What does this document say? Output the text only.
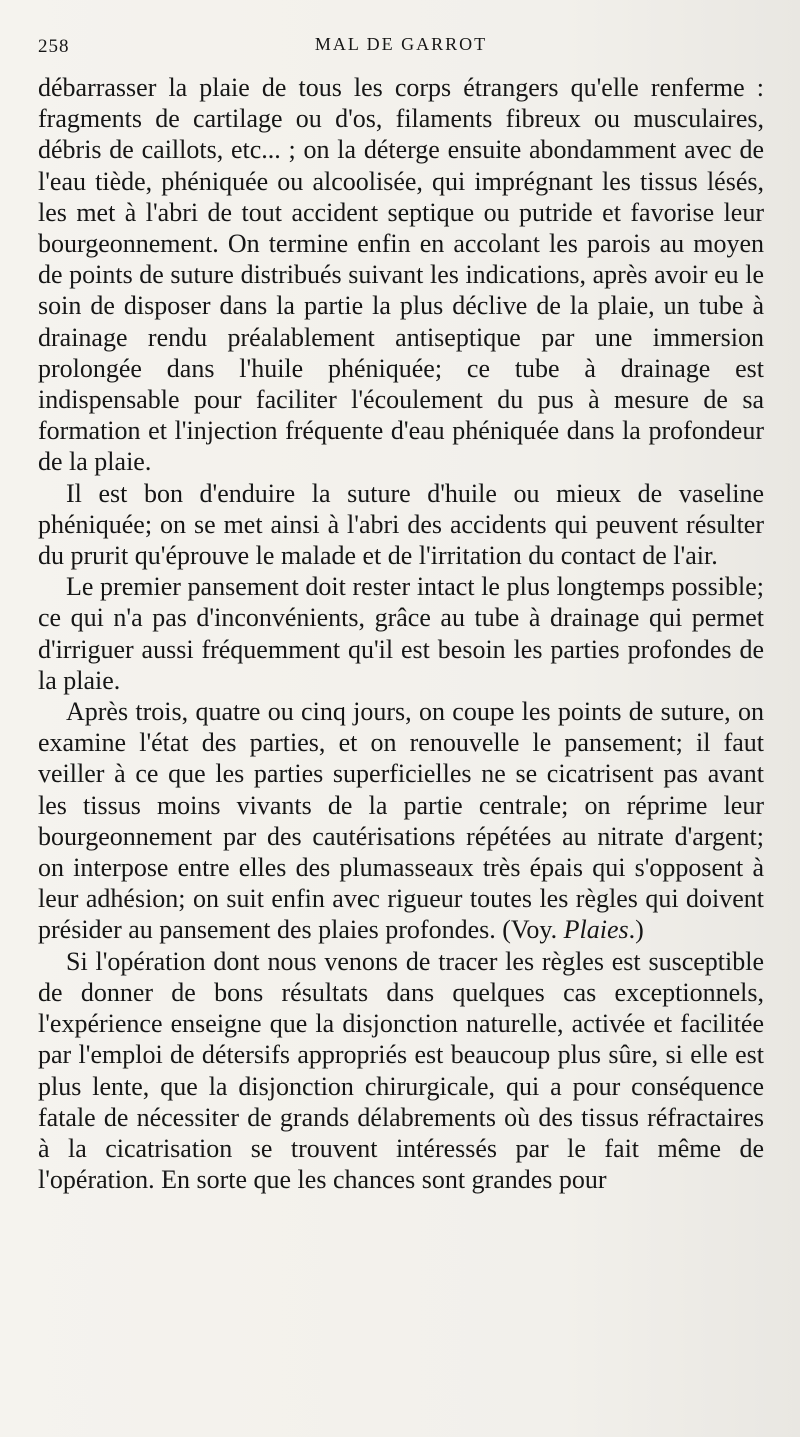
258	MAL DE GARROT

débarrasser la plaie de tous les corps étrangers qu'elle renferme : fragments de cartilage ou d'os, filaments fibreux ou musculaires, débris de caillots, etc... ; on la déterge ensuite abondamment avec de l'eau tiède, phéniquée ou alcoolisée, qui imprégnant les tissus lésés, les met à l'abri de tout accident septique ou putride et favorise leur bourgeonnement. On termine enfin en accolant les parois au moyen de points de suture distribués suivant les indications, après avoir eu le soin de disposer dans la partie la plus déclive de la plaie, un tube à drainage rendu préalablement antiseptique par une immersion prolongée dans l'huile phéniquée; ce tube à drainage est indispensable pour faciliter l'écoulement du pus à mesure de sa formation et l'injection fréquente d'eau phéniquée dans la profondeur de la plaie.

Il est bon d'enduire la suture d'huile ou mieux de vaseline phéniquée; on se met ainsi à l'abri des accidents qui peuvent résulter du prurit qu'éprouve le malade et de l'irritation du contact de l'air.

Le premier pansement doit rester intact le plus longtemps possible; ce qui n'a pas d'inconvénients, grâce au tube à drainage qui permet d'irriguer aussi fréquemment qu'il est besoin les parties profondes de la plaie.

Après trois, quatre ou cinq jours, on coupe les points de suture, on examine l'état des parties, et on renouvelle le pansement; il faut veiller à ce que les parties superficielles ne se cicatrisent pas avant les tissus moins vivants de la partie centrale; on réprime leur bourgeonnement par des cautérisations répétées au nitrate d'argent; on interpose entre elles des plumasseaux très épais qui s'opposent à leur adhésion; on suit enfin avec rigueur toutes les règles qui doivent présider au pansement des plaies profondes. (Voy. Plaies.)

Si l'opération dont nous venons de tracer les règles est susceptible de donner de bons résultats dans quelques cas exceptionnels, l'expérience enseigne que la disjonction naturelle, activée et facilitée par l'emploi de détersifs appropriés est beaucoup plus sûre, si elle est plus lente, que la disjonction chirurgicale, qui a pour conséquence fatale de nécessiter de grands délabrements où des tissus réfractaires à la cicatrisation se trouvent intéressés par le fait même de l'opération. En sorte que les chances sont grandes pour
